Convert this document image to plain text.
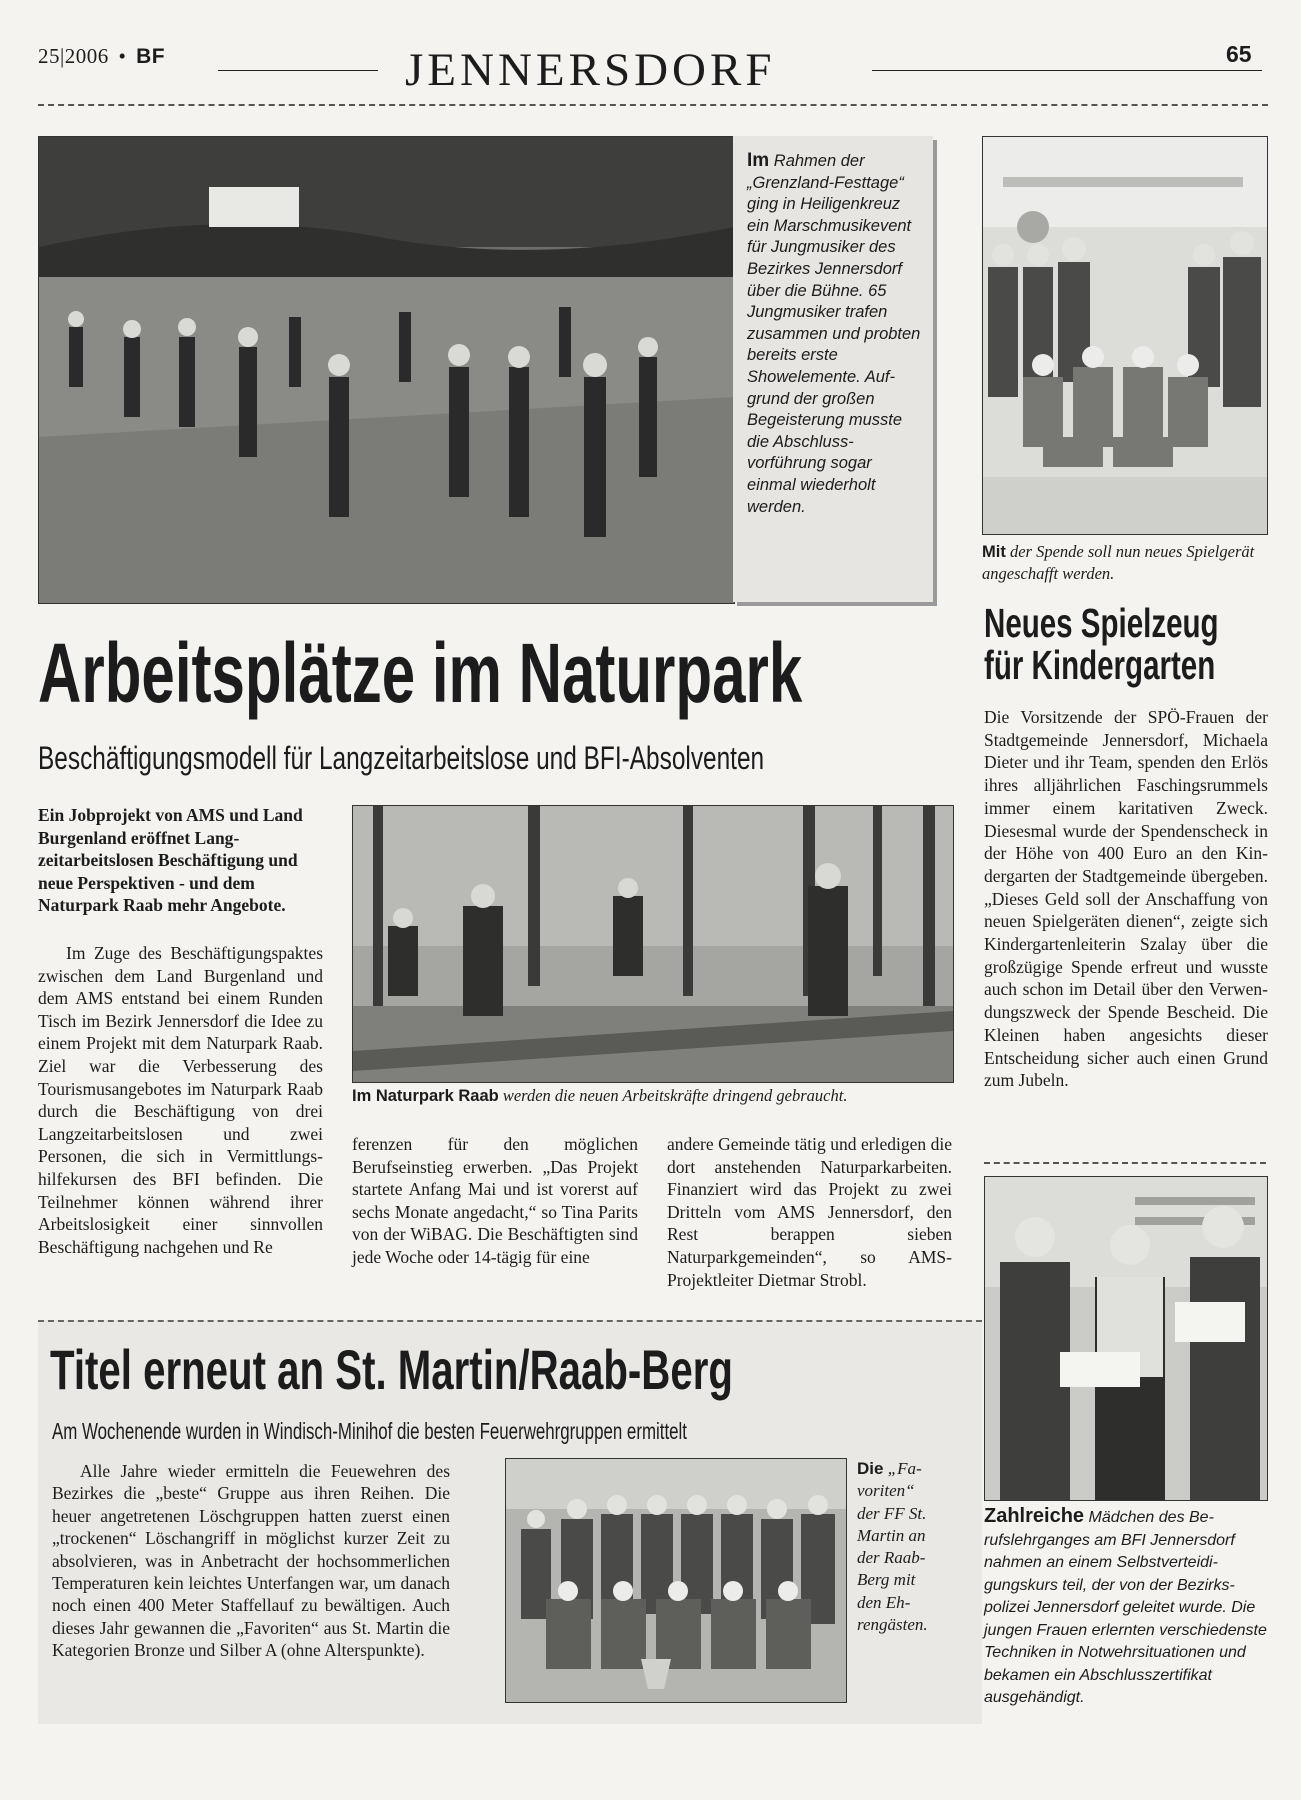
25|2006 • BF	JENNERSDORF	65
Im Rahmen der „Grenzland-Festtage“ ging in Heiligenkreuz ein Marschmusikevent für Jungmusiker des Bezirkes Jennersdorf über die Bühne. 65 Jungmusiker trafen zusammen und probten bereits erste Showelemente. Aufgrund der großen Begeisterung musste die Abschlussvorführung sogar einmal wiederholt werden.
Mit der Spende soll nun neues Spielgerät angeschafft werden.
Neues Spielzeug
für Kindergarten
Die Vorsitzende der SPÖ-Frauen der Stadtgemeinde Jennersdorf, Michaela Dieter und ihr Team, spenden den Erlös ihres alljährlichen Faschingsrummels immer einem karitativen Zweck. Diesesmal wurde der Spendenscheck in der Höhe von 400 Euro an den Kindergarten der Stadtgemeinde übergeben. „Dieses Geld soll der Anschaffung von neuen Spielgeräten dienen“, zeigte sich Kindergartenleiterin Szalay über die großzügige Spende erfreut und wusste auch schon im Detail über den Verwendungszweck der Spende Bescheid. Die Kleinen haben angesichts dieser Entscheidung sicher auch einen Grund zum Jubeln.
Arbeitsplätze im Naturpark
Beschäftigungsmodell für Langzeitarbeitslose und BFI-Absolventen
Ein Jobprojekt von AMS und Land Burgenland eröffnet Langzeitarbeitslosen Beschäftigung und neue Perspektiven - und dem Naturpark Raab mehr Angebote.
Im Zuge des Beschäftigungspaktes zwischen dem Land Burgenland und dem AMS entstand bei einem Runden Tisch im Bezirk Jennersdorf die Idee zu einem Projekt mit dem Naturpark Raab. Ziel war die Verbesserung des Tourismusangebotes im Naturpark Raab durch die Beschäftigung von drei Langzeitarbeitslosen und zwei Personen, die sich in Vermittlungshilfekursen des BFI befinden. Die Teilnehmer können während ihrer Arbeitslosigkeit einer sinnvollen Beschäftigung nachgehen und Re
Im Naturpark Raab werden die neuen Arbeitskräfte dringend gebraucht.
ferenzen für den möglichen Berufseinstieg erwerben. „Das Projekt startete Anfang Mai und ist vorerst auf sechs Monate angedacht,“ so Tina Parits von der WiBAG. Die Beschäftigten sind jede Woche oder 14-tägig für eine
andere Gemeinde tätig und erledigen die dort anstehenden Naturparkarbeiten. Finanziert wird das Projekt zu zwei Dritteln vom AMS Jennersdorf, den Rest berappen sieben Naturparkgemeinden“, so AMS-Projektleiter Dietmar Strobl.
Titel erneut an St. Martin/Raab-Berg
Am Wochenende wurden in Windisch-Minihof die besten Feuerwehrgruppen ermittelt
Alle Jahre wieder ermitteln die Feuewehren des Bezirkes die „beste“ Gruppe aus ihren Reihen. Die heuer angetretenen Löschgruppen hatten zuerst einen „trockenen“ Löschangriff in möglichst kurzer Zeit zu absolvieren, was in Anbetracht der hochsommerlichen Temperaturen kein leichtes Unterfangen war, um danach noch einen 400 Meter Staffellauf zu bewältigen. Auch dieses Jahr gewannen die „Favoriten“ aus St. Martin die Kategorien Bronze und Silber A (ohne Alterspunkte).
Die „Favoriten“ der FF St. Martin an der RaabBerg mit den Ehrengästen.
Zahlreiche Mädchen des Berufslehrganges am BFI Jennersdorf nahmen an einem Selbstverteidigungskurs teil, der von der Bezirkspolizei Jennersdorf geleitet wurde. Die jungen Frauen erlernten verschiedenste Techniken in Notwehrsituationen und bekamen ein Abschlusszertifikat ausgehändigt.
